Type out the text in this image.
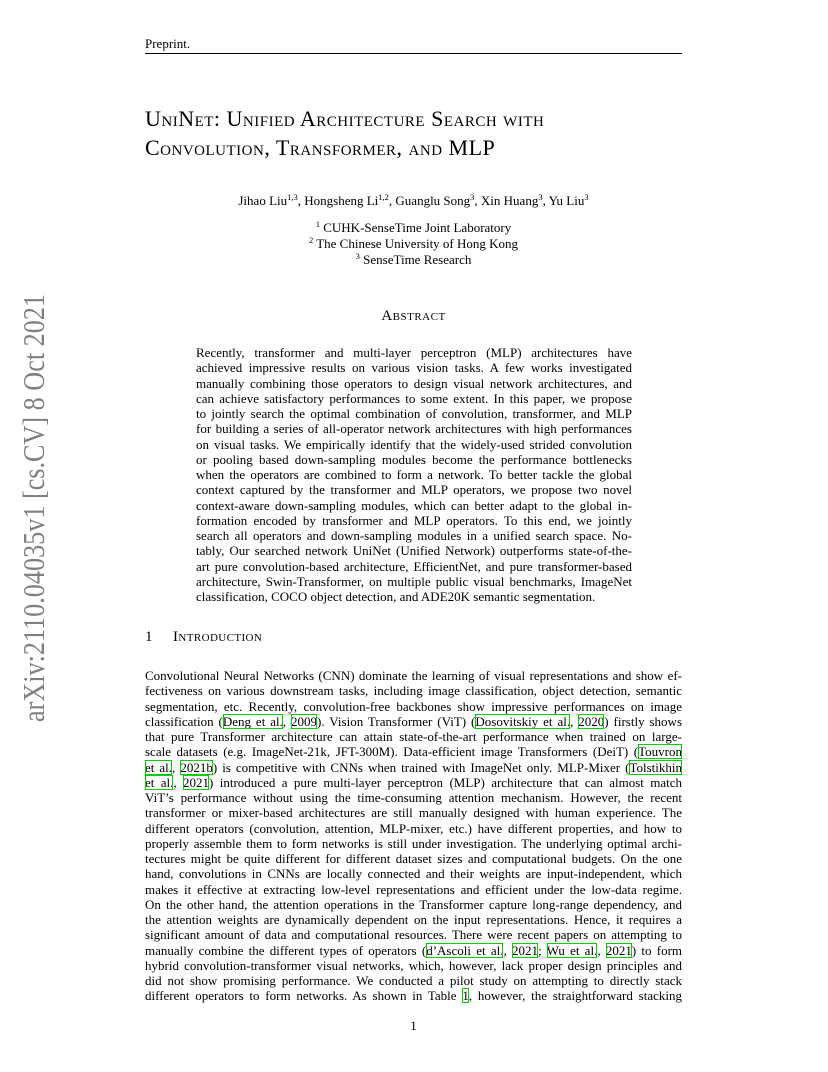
Preprint.
arXiv:2110.04035v1 [cs.CV] 8 Oct 2021
UniNet: Unified Architecture Search with
Convolution, Transformer, and MLP
Jihao Liu$^{1,3}$, Hongsheng Li$^{1,2}$, Guanglu Song$^3$, Xin Huang$^3$, Yu Liu$^3$
$^1$ CUHK-SenseTime Joint Laboratory
$^2$ The Chinese University of Hong Kong
$^3$ SenseTime Research
Abstract
Recently, transformer and multi-layer perceptron (MLP) architectures have
achieved impressive results on various vision tasks. A few works investigated
manually combining those operators to design visual network architectures, and
can achieve satisfactory performances to some extent. In this paper, we propose
to jointly search the optimal combination of convolution, transformer, and MLP
for building a series of all-operator network architectures with high performances
on visual tasks. We empirically identify that the widely-used strided convolution
or pooling based down-sampling modules become the performance bottlenecks
when the operators are combined to form a network. To better tackle the global
context captured by the transformer and MLP operators, we propose two novel
context-aware down-sampling modules, which can better adapt to the global in-
formation encoded by transformer and MLP operators. To this end, we jointly
search all operators and down-sampling modules in a unified search space. No-
tably, Our searched network UniNet (Unified Network) outperforms state-of-the-
art pure convolution-based architecture, EfficientNet, and pure transformer-based
architecture, Swin-Transformer, on multiple public visual benchmarks, ImageNet
classification, COCO object detection, and ADE20K semantic segmentation.
1 Introduction
Convolutional Neural Networks (CNN) dominate the learning of visual representations and show ef-
fectiveness on various downstream tasks, including image classification, object detection, semantic
segmentation, etc. Recently, convolution-free backbones show impressive performances on image
classification (Deng et al., 2009). Vision Transformer (ViT) (Dosovitskiy et al., 2020) firstly shows
that pure Transformer architecture can attain state-of-the-art performance when trained on large-
scale datasets (e.g. ImageNet-21k, JFT-300M). Data-efficient image Transformers (DeiT) (Touvron
et al., 2021b) is competitive with CNNs when trained with ImageNet only. MLP-Mixer (Tolstikhin
et al., 2021) introduced a pure multi-layer perceptron (MLP) architecture that can almost match
ViT’s performance without using the time-consuming attention mechanism. However, the recent
transformer or mixer-based architectures are still manually designed with human experience. The
different operators (convolution, attention, MLP-mixer, etc.) have different properties, and how to
properly assemble them to form networks is still under investigation. The underlying optimal archi-
tectures might be quite different for different dataset sizes and computational budgets. On the one
hand, convolutions in CNNs are locally connected and their weights are input-independent, which
makes it effective at extracting low-level representations and efficient under the low-data regime.
On the other hand, the attention operations in the Transformer capture long-range dependency, and
the attention weights are dynamically dependent on the input representations. Hence, it requires a
significant amount of data and computational resources. There were recent papers on attempting to
manually combine the different types of operators (d’Ascoli et al., 2021; Wu et al., 2021) to form
hybrid convolution-transformer visual networks, which, however, lack proper design principles and
did not show promising performance. We conducted a pilot study on attempting to directly stack
different operators to form networks. As shown in Table 1, however, the straightforward stacking
1
